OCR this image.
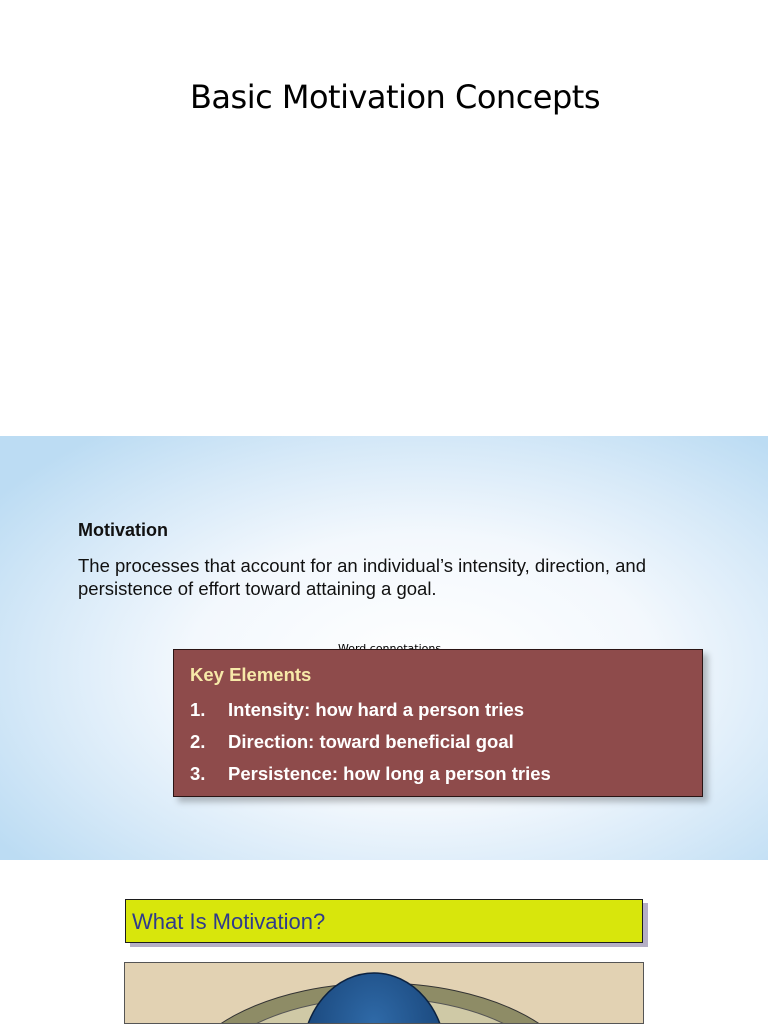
Basic Motivation Concepts
Motivation
The processes that account for an individual’s intensity, direction, and persistence of effort toward attaining a goal.
Key Elements
1. Intensity: how hard a person tries
2. Direction: toward beneficial goal
3. Persistence: how long a person tries
What Is Motivation?
